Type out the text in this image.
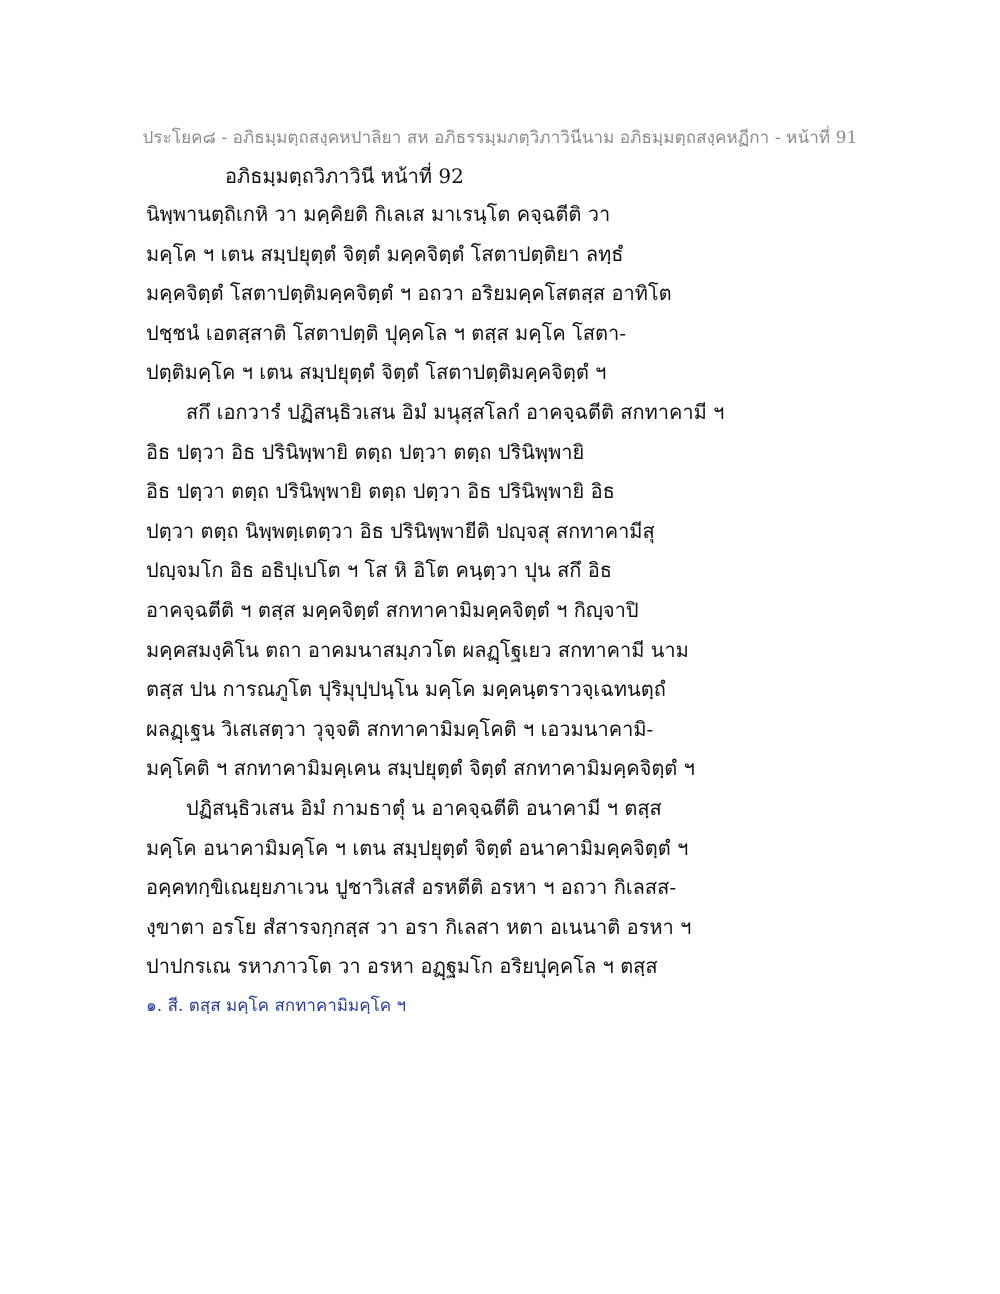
ประโยค๘ - อภิธมฺมตฺถสงฺคหปาลิยา สห อภิธรรมฺมภตฺวิภาวินีนาม อภิธมฺมตฺถสงฺคหฏีกา - หน้าที่ 91
อภิธมฺมตฺถวิภาวินี หน้าที่ 92
นิพฺพานตฺถิเกหิ วา มคฺคิยติ กิเลเส มาเรนฺโต คจฺฉตีติ วา
มคฺโค ฯ เตน สมฺปยุตฺตํ จิตฺตํ มคฺคจิตฺตํ โสตาปตฺติยา ลทฺธํ
มคฺคจิตฺตํ โสตาปตฺติมคฺคจิตฺตํ ฯ อถวา อริยมคฺคโสตสฺส อาทิโต
ปชฺชนํ เอตสฺสาติ โสตาปตฺติ ปุคฺคโล ฯ ตสฺส มคฺโค โสตา-
ปตฺติมคฺโค ฯ เตน สมฺปยุตฺตํ จิตฺตํ โสตาปตฺติมคฺคจิตฺตํ ฯ
สกึ เอกวารํ ปฏิสนฺธิวเสน อิมํ มนุสฺสโลกํ อาคจฺฉตีติ สกทาคามี ฯ
อิธ ปตฺวา อิธ ปรินิพฺพายิ ตตฺถ ปตฺวา ตตฺถ ปรินิพฺพายิ
อิธ ปตฺวา ตตฺถ ปรินิพฺพายิ ตตฺถ ปตฺวา อิธ ปรินิพฺพายิ อิธ
ปตฺวา ตตฺถ นิพฺพตฺเตตฺวา อิธ ปรินิพฺพายีติ ปญฺจสุ สกทาคามีสุ
ปญฺจมโก อิธ อธิปฺเปโต ฯ โส หิ อิโต คนฺตฺวา ปุน สกึ อิธ
อาคจฺฉตีติ ฯ ตสฺส มคฺคจิตฺตํ สกทาคามิมคฺคจิตฺตํ ฯ กิญฺจาปิ
มคฺคสมงฺคิโน ตถา อาคมนาสมฺภวโต ผลฏฺโฐเยว สกทาคามี นาม
ตสฺส ปน การณภูโต ปุริมุปฺปนฺโน มคฺโค มคฺคนฺตราวจฺเฉทนตฺถํ
ผลฏฺเฐน วิเสเสตฺวา วุจฺจติ สกทาคามิมคฺโคติ ฯ เอวมนาคามิ-
มคฺโคติ ฯ สกทาคามิมคฺเคน สมฺปยุตฺตํ จิตฺตํ สกทาคามิมคฺคจิตฺตํ ฯ
ปฏิสนฺธิวเสน อิมํ กามธาตุํ น อาคจฺฉตีติ อนาคามี ฯ ตสฺส
มคฺโค อนาคามิมคฺโค ฯ เตน สมฺปยุตฺตํ จิตฺตํ อนาคามิมคฺคจิตฺตํ ฯ
อคฺคทกฺขิเณยฺยภาเวน ปูชาวิเสสํ อรหตีติ อรหา ฯ อถวา กิเลสส-
งฺขาตา อรโย สํสารจกฺกสฺส วา อรา กิเลสา หตา อเนนาติ อรหา ฯ
ปาปกรเณ รหาภาวโต วา อรหา อฏฺฐมโก อริยปุคฺคโล ฯ ตสฺส
๑. สี. ตสฺส มคฺโค สกทาคามิมคฺโค ฯ
